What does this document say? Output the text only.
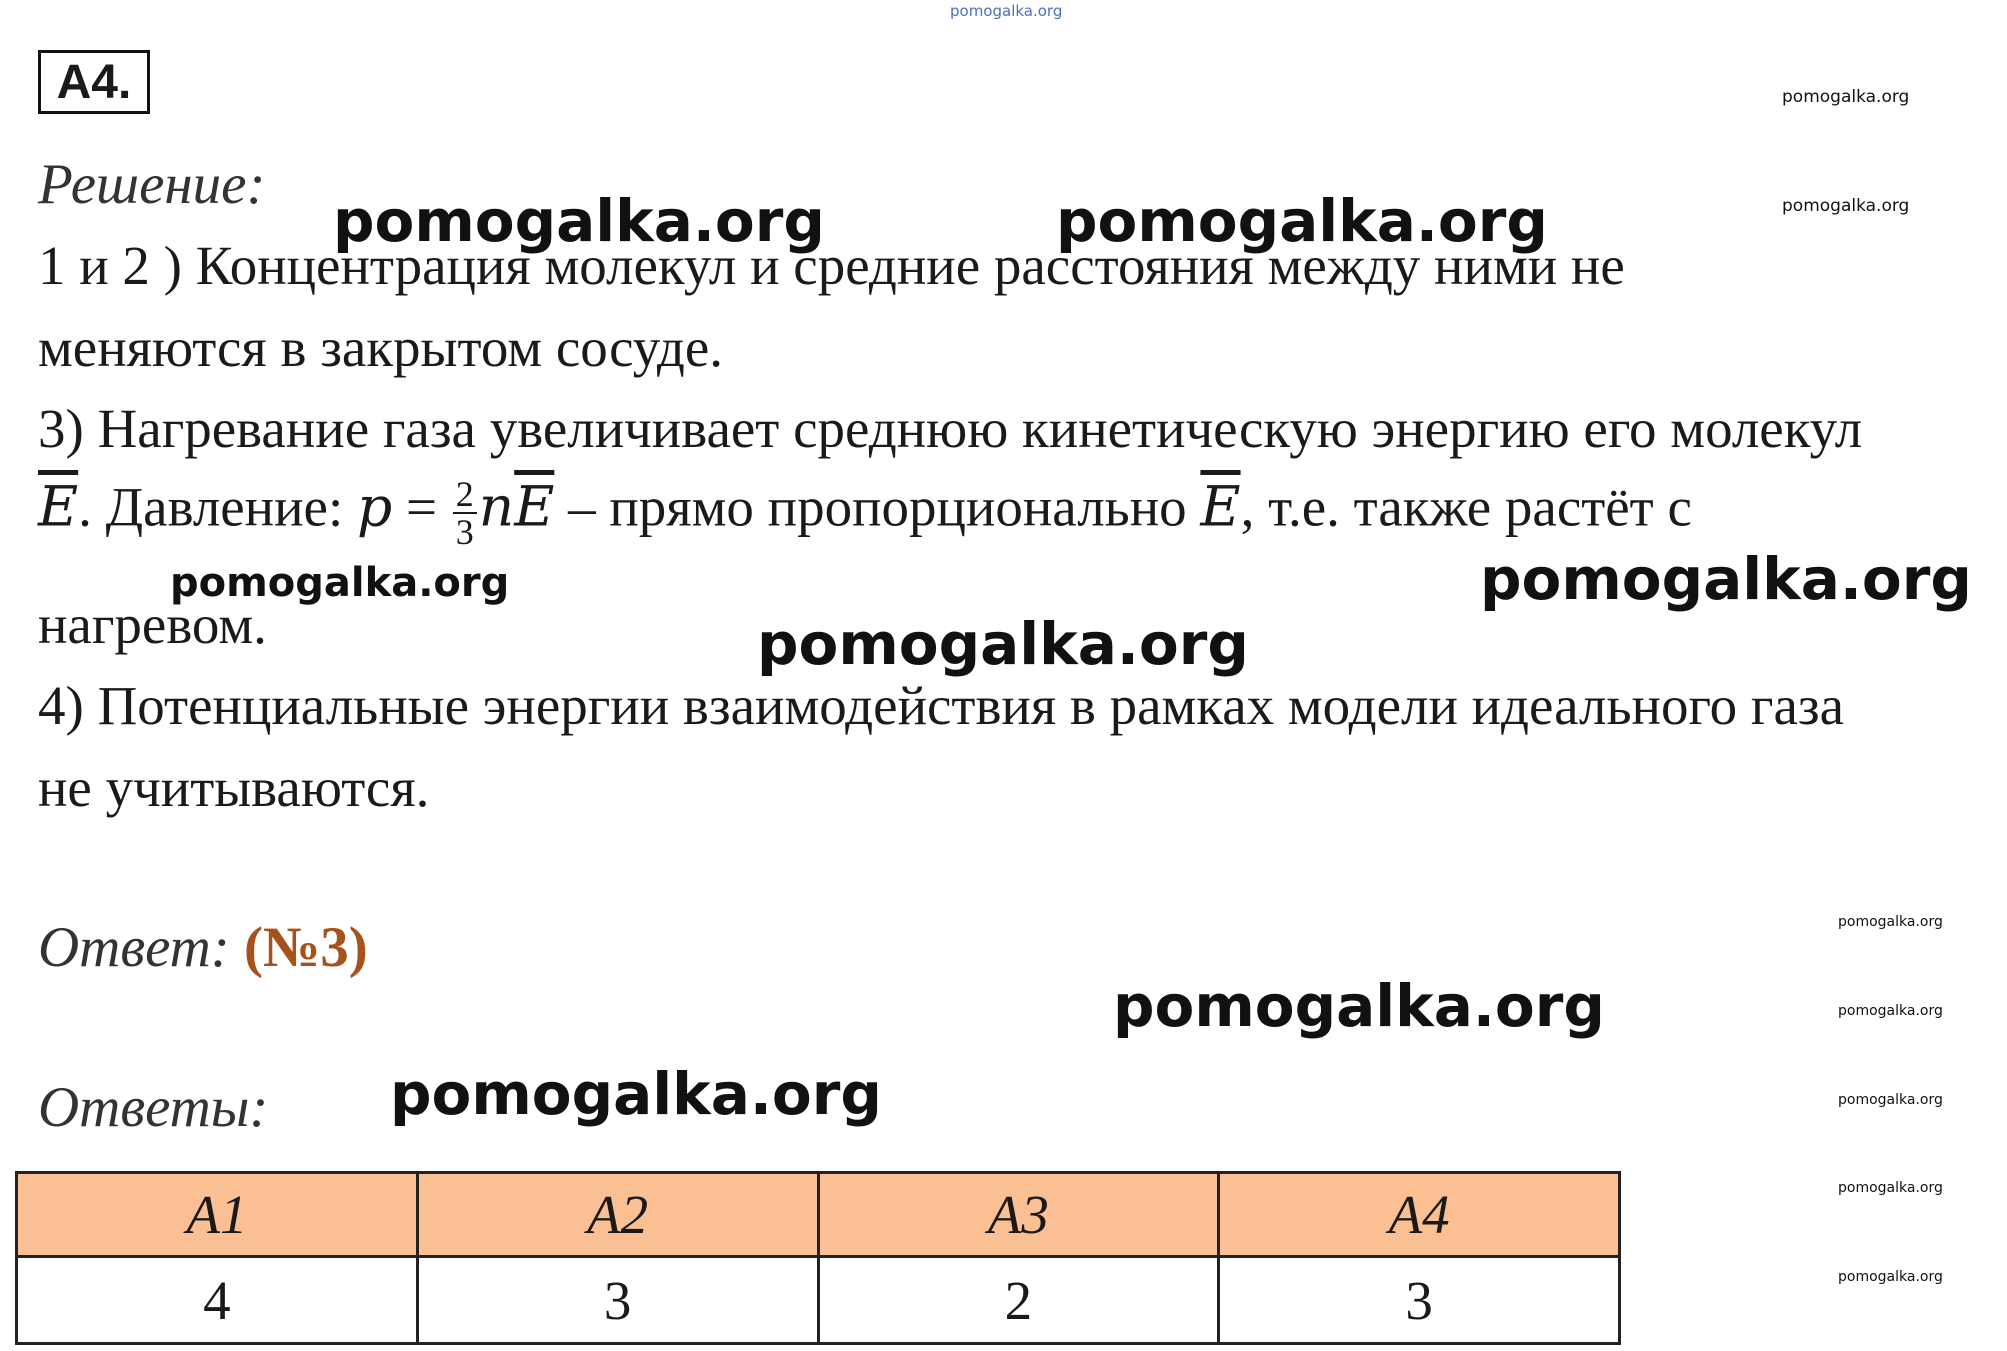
pomogalka.org
A4.
Решение:
1 и 2 ) Концентрация молекул и средние расстояния между ними не
меняются в закрытом сосуде.
3) Нагревание газа увеличивает среднюю кинетическую энергию его молекул
$\overline{E}$. Давление: $p = \frac{2}{3} n\overline{E}$ – прямо пропорционально $\overline{E}$, т.е. также растёт с
нагревом.
4) Потенциальные энергии взаимодействия в рамках модели идеального газа
не учитываются.
Ответ: (№3)
Ответы:
A1	A2	A3	A4
4	3	2	3
pomogalka.org	pomogalka.org
pomogalka.org	pomogalka.org
pomogalka.org
pomogalka.org
pomogalka.org
pomogalka.org
pomogalka.org
pomogalka.org
pomogalka.org
pomogalka.org
pomogalka.org
pomogalka.org
